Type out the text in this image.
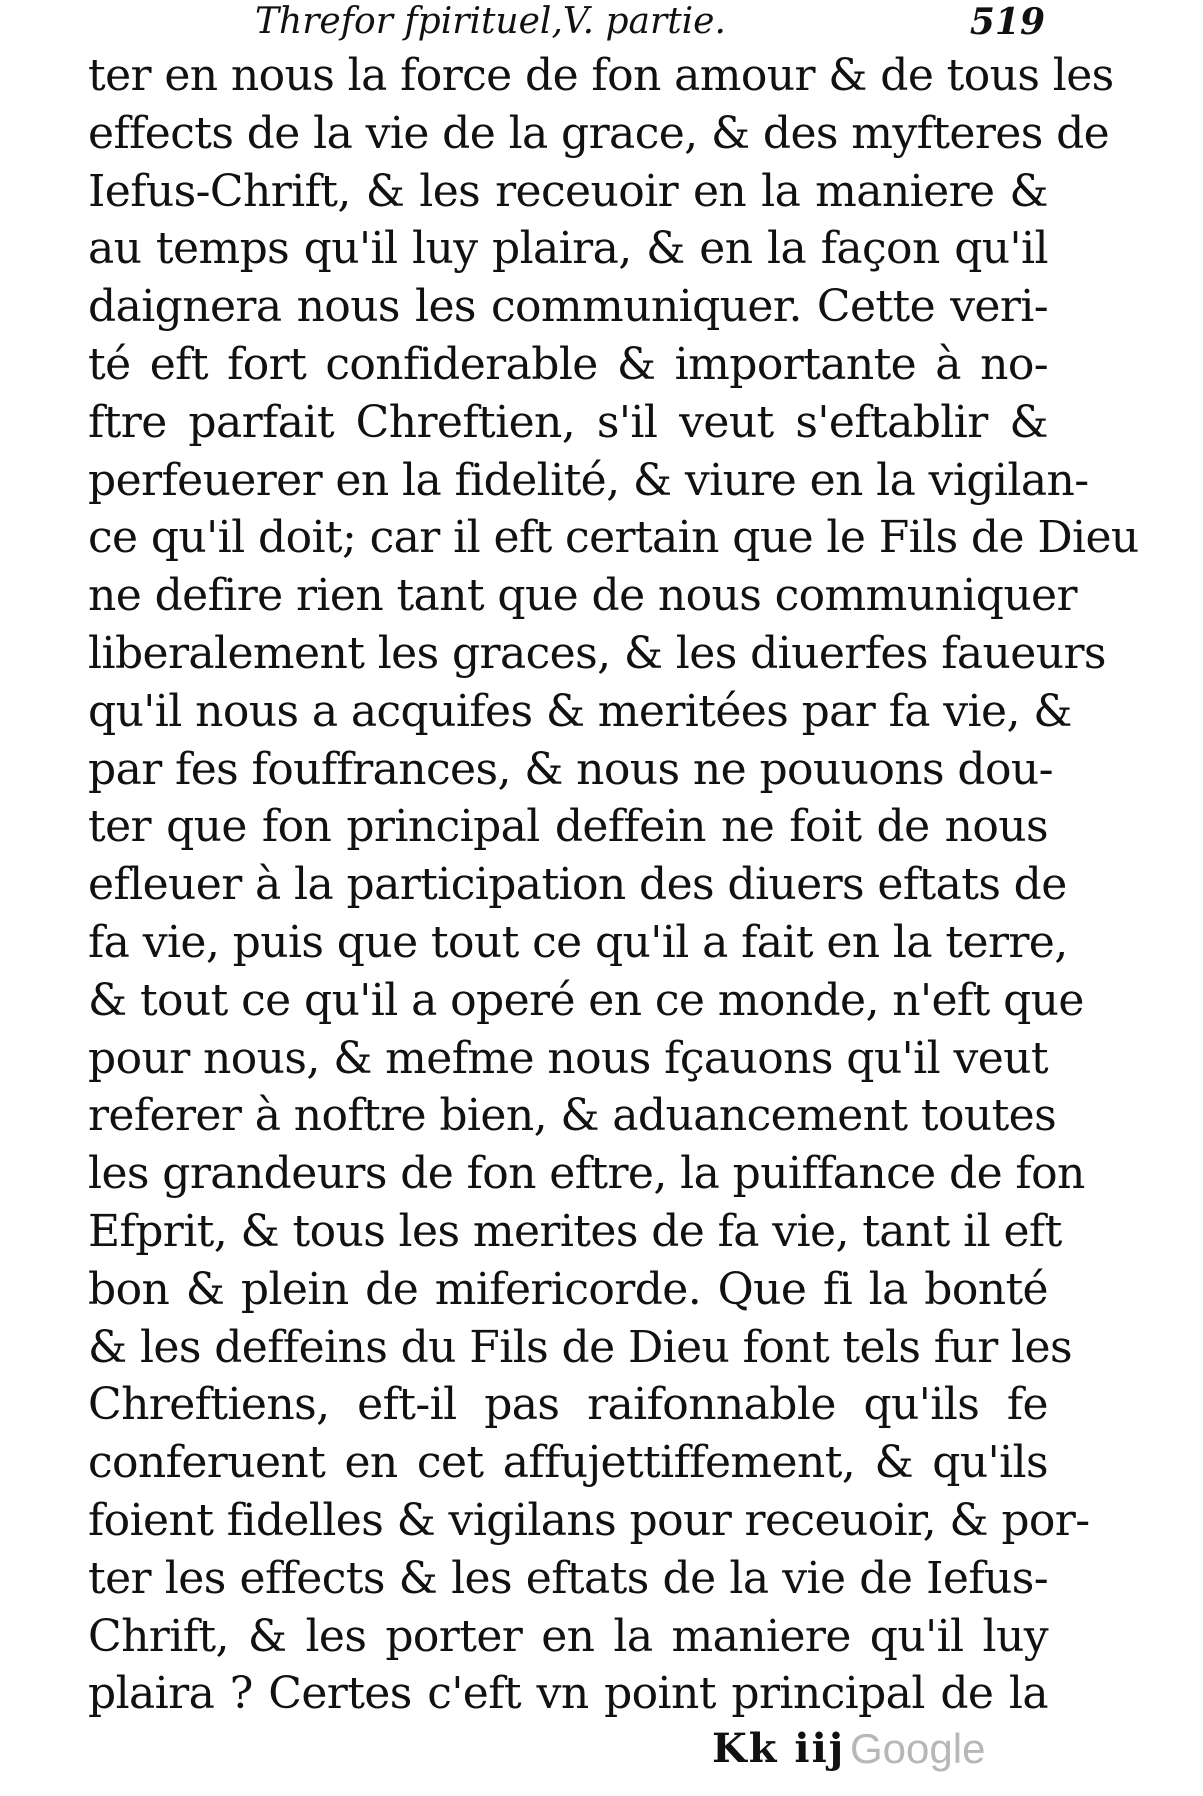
Threfor fpirituel,V. partie.	519
ter en nous la force de fon amour & de tous les
effects de la vie de la grace, & des myfteres de
Iefus-Chrift, & les receuoir en la maniere &
au temps qu'il luy plaira, & en la façon qu'il
daignera nous les communiquer. Cette veri-
té eft fort confiderable & importante à no-
ftre parfait Chreftien, s'il veut s'eftablir &
perfeuerer en la fidelité, & viure en la vigilan-
ce qu'il doit; car il eft certain que le Fils de Dieu
ne defire rien tant que de nous communiquer
liberalement les graces, & les diuerfes faueurs
qu'il nous a acquifes & meritées par fa vie, &
par fes fouffrances, & nous ne pouuons dou-
ter que fon principal deffein ne foit de nous
efleuer à la participation des diuers eftats de
fa vie, puis que tout ce qu'il a fait en la terre,
& tout ce qu'il a operé en ce monde, n'eft que
pour nous, & mefme nous fçauons qu'il veut
referer à noftre bien, & aduancement toutes
les grandeurs de fon eftre, la puiffance de fon
Efprit, & tous les merites de fa vie, tant il eft
bon & plein de mifericorde. Que fi la bonté
& les deffeins du Fils de Dieu font tels fur les
Chreftiens, eft-il pas raifonnable qu'ils fe
conferuent en cet affujettiffement, & qu'ils
foient fidelles & vigilans pour receuoir, & por-
ter les effects & les eftats de la vie de Iefus-
Chrift, & les porter en la maniere qu'il luy
plaira ? Certes c'eft vn point principal de la
Kk iij Google
